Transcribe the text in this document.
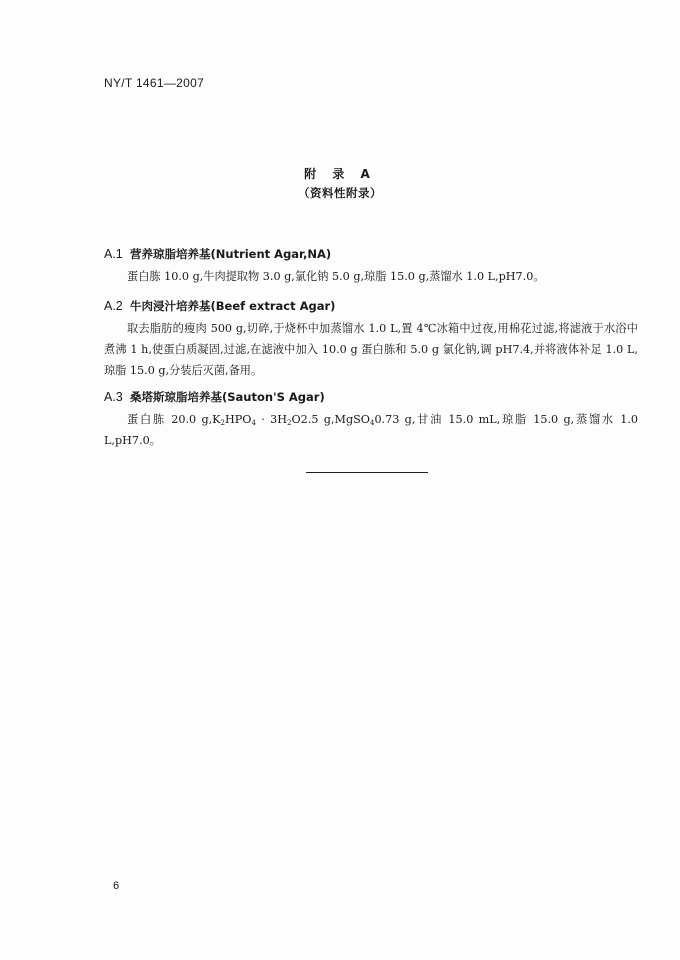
NY/T 1461—2007
附 录 A
（资料性附录）
A.1 营养琼脂培养基(Nutrient Agar,NA)
蛋白胨 10.0 g,牛肉提取物 3.0 g,氯化钠 5.0 g,琼脂 15.0 g,蒸馏水 1.0 L,pH7.0。
A.2 牛肉浸汁培养基(Beef extract Agar)
取去脂肪的瘦肉 500 g,切碎,于烧杯中加蒸馏水 1.0 L,置 4℃冰箱中过夜,用棉花过滤,将滤液于水浴中煮沸 1 h,使蛋白质凝固,过滤,在滤液中加入 10.0 g 蛋白胨和 5.0 g 氯化钠,调 pH7.4,并将液体补足 1.0 L,琼脂 15.0 g,分装后灭菌,备用。
A.3 桑塔斯琼脂培养基(Sauton'S Agar)
蛋白胨 20.0 $g,K_2HPO_4 \cdot 3H_2O2.5$ g,MgSO$_4$0.73 g,甘油 15.0 mL,琼脂 15.0 g,蒸馏水 1.0 L,pH7.0。
6
